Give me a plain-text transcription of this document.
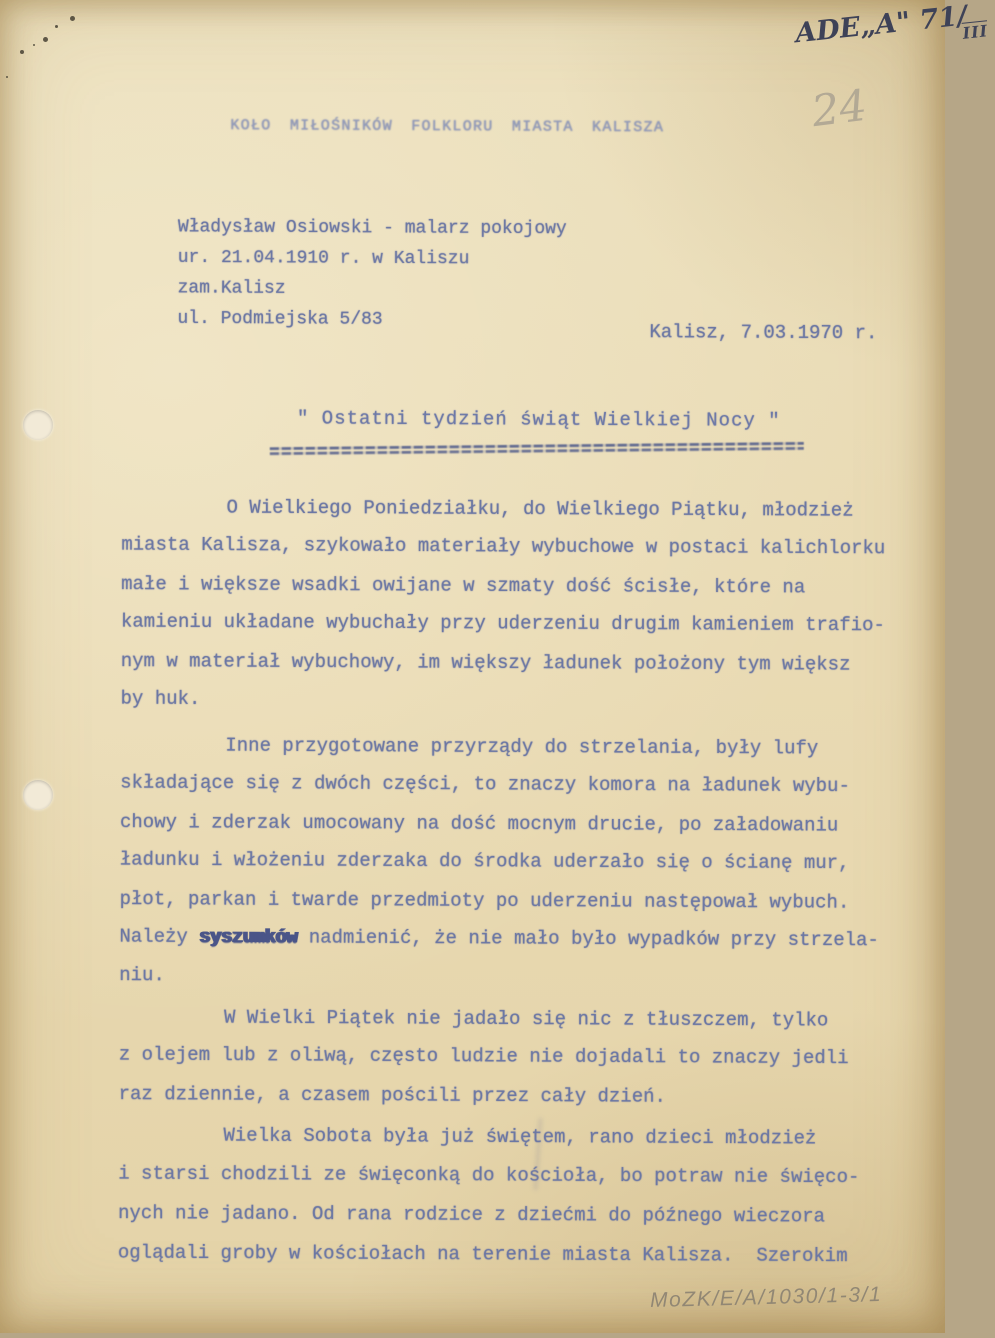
KOŁO MIŁOŚNIKÓW FOLKLORU MIASTA KALISZA
Władysław Osiowski - malarz pokojowy
ur. 21.04.1910 r. w Kaliszu
zam.Kalisz
ul. Podmiejska 5/83
Kalisz, 7.03.1970 r.
" Ostatni tydzień świąt Wielkiej Nocy "
O Wielkiego Poniedziałku, do Wielkiego Piątku, młodzież
miasta Kalisza, szykowało materiały wybuchowe w postaci kalichlorku
małe i większe wsadki owijane w szmaty dość ścisłe, które na
kamieniu układane wybuchały przy uderzeniu drugim kamieniem trafio-
nym w materiał wybuchowy, im większy ładunek położony tym większ
by huk.
Inne przygotowane przyrządy do strzelania, były lufy
składające się z dwóch części, to znaczy komora na ładunek wybu-
chowy i zderzak umocowany na dość mocnym drucie, po załadowaniu
ładunku i włożeniu zderzaka do środka uderzało się o ścianę mur,
płot, parkan i twarde przedmioty po uderzeniu następował wybuch.
Należy syszumków nadmienić, że nie mało było wypadków przy strzela-
niu.
W Wielki Piątek nie jadało się nic z tłuszczem, tylko
z olejem lub z oliwą, często ludzie nie dojadali to znaczy jedli
raz dziennie, a czasem pościli przez cały dzień.
Wielka Sobota była już świętem, rano dzieci młodzież
i starsi chodzili ze święconką do kościoła, bo potraw nie święco-
nych nie jadano. Od rana rodzice z dziećmi do późnego wieczora
oglądali groby w kościołach na terenie miasta Kalisza.  Szerokim
ADE„A" $71/\overline{III}$
24
MoZK/E/A/1030/1-3/1
